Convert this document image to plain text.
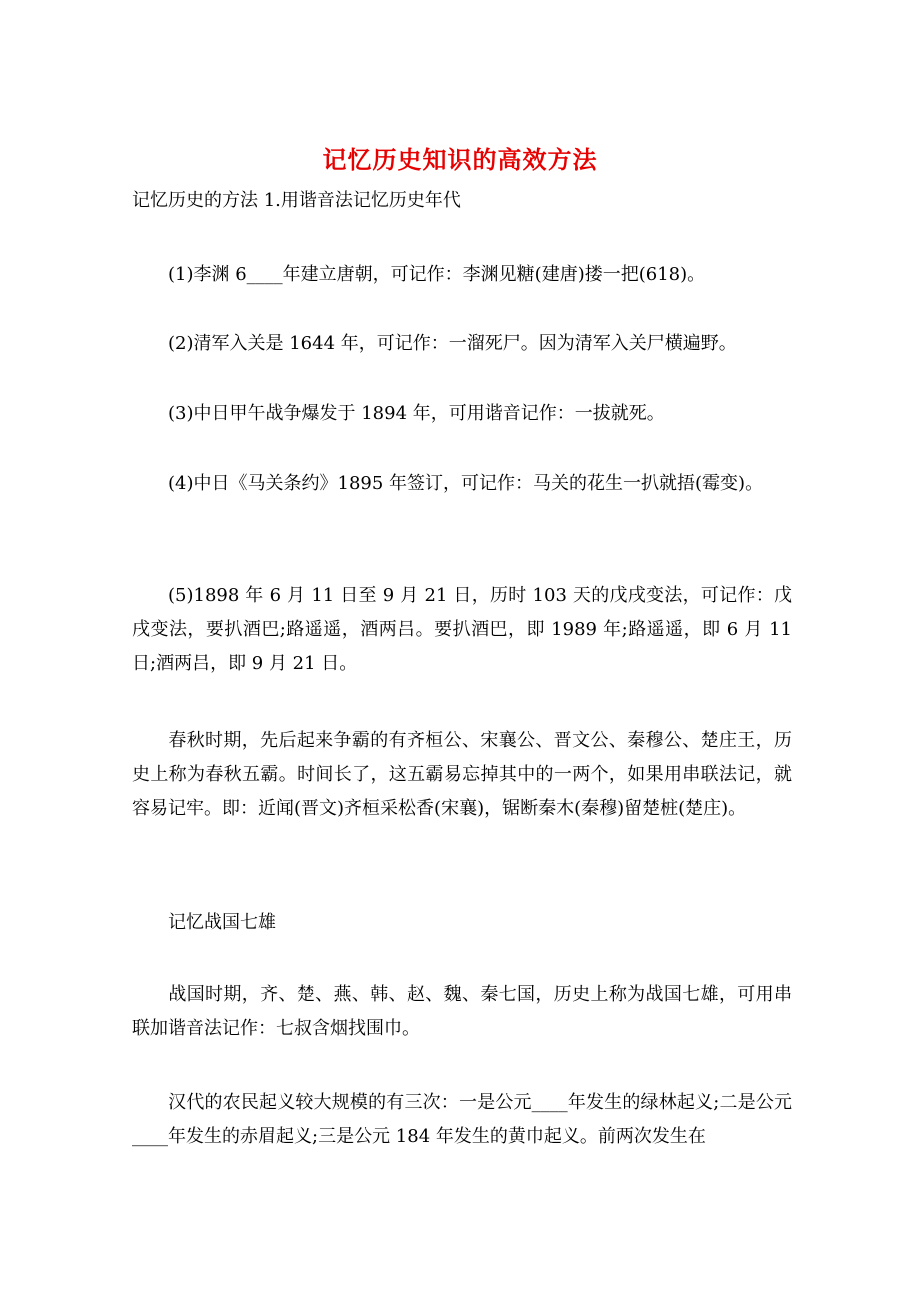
记忆历史知识的高效方法
记忆历史的方法 1.用谐音法记忆历史年代
(1)李渊 6____年建立唐朝，可记作：李渊见糖(建唐)搂一把(618)。
(2)清军入关是 1644 年，可记作：一溜死尸。因为清军入关尸横遍野。
(3)中日甲午战争爆发于 1894 年，可用谐音记作：一拔就死。
(4)中日《马关条约》1895 年签订，可记作：马关的花生一扒就捂(霉变)。
(5)1898 年 6 月 11 日至 9 月 21 日，历时 103 天的戊戌变法，可记作：戊戌变法，要扒酒巴;路遥遥，酒两吕。要扒酒巴，即 1989 年;路遥遥，即 6 月 11 日;酒两吕，即 9 月 21 日。
春秋时期，先后起来争霸的有齐桓公、宋襄公、晋文公、秦穆公、楚庄王，历史上称为春秋五霸。时间长了，这五霸易忘掉其中的一两个，如果用串联法记，就容易记牢。即：近闻(晋文)齐桓采松香(宋襄)，锯断秦木(秦穆)留楚桩(楚庄)。
记忆战国七雄
战国时期，齐、楚、燕、韩、赵、魏、秦七国，历史上称为战国七雄，可用串联加谐音法记作：七叔含烟找围巾。
汉代的农民起义较大规模的有三次：一是公元____年发生的绿林起义;二是公元____年发生的赤眉起义;三是公元 184 年发生的黄巾起义。前两次发生在
